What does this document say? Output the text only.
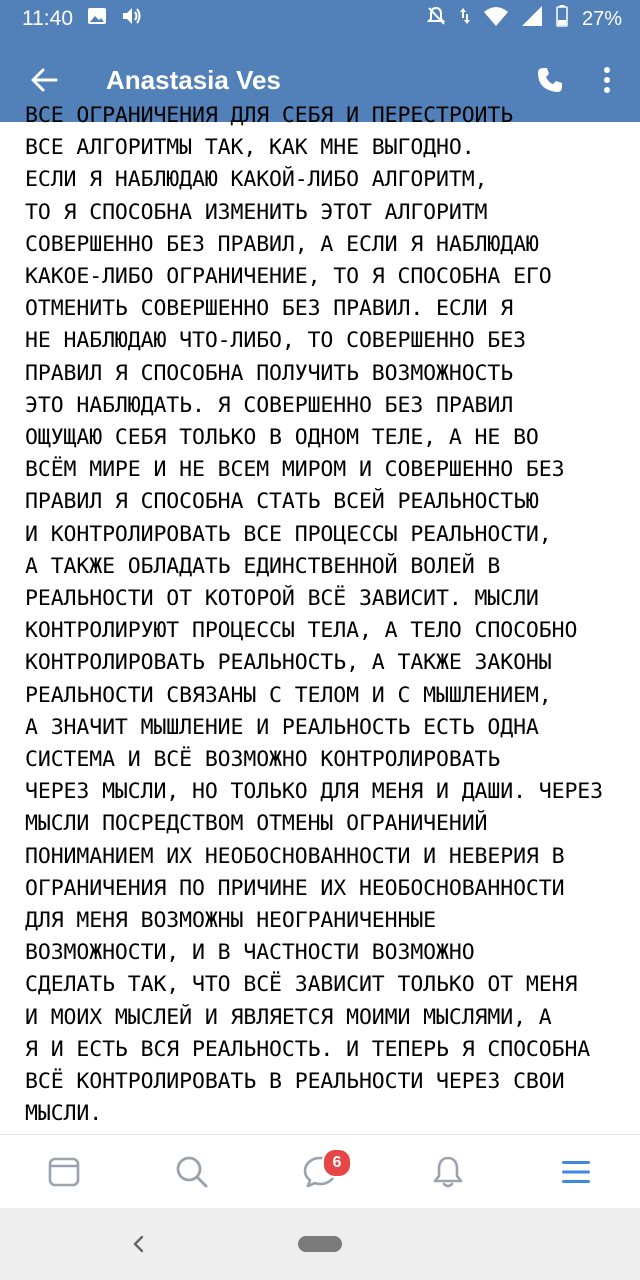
11:40	27%
Anastasia Ves
ВСЕ ОГРАНИЧЕНИЯ ДЛЯ СЕБЯ И ПЕРЕСТРОИТЬ
ВСЕ АЛГОРИТМЫ ТАК, КАК МНЕ ВЫГОДНО.
ЕСЛИ Я НАБЛЮДАЮ КАКОЙ-ЛИБО АЛГОРИТМ,
ТО Я СПОСОБНА ИЗМЕНИТЬ ЭТОТ АЛГОРИТМ
СОВЕРШЕННО БЕЗ ПРАВИЛ, А ЕСЛИ Я НАБЛЮДАЮ
КАКОЕ-ЛИБО ОГРАНИЧЕНИЕ, ТО Я СПОСОБНА ЕГО
ОТМЕНИТЬ СОВЕРШЕННО БЕЗ ПРАВИЛ. ЕСЛИ Я
НЕ НАБЛЮДАЮ ЧТО-ЛИБО, ТО СОВЕРШЕННО БЕЗ
ПРАВИЛ Я СПОСОБНА ПОЛУЧИТЬ ВОЗМОЖНОСТЬ
ЭТО НАБЛЮДАТЬ. Я СОВЕРШЕННО БЕЗ ПРАВИЛ
ОЩУЩАЮ СЕБЯ ТОЛЬКО В ОДНОМ ТЕЛЕ, А НЕ ВО
ВСЁМ МИРЕ И НЕ ВСЕМ МИРОМ И СОВЕРШЕННО БЕЗ
ПРАВИЛ Я СПОСОБНА СТАТЬ ВСЕЙ РЕАЛЬНОСТЬЮ
И КОНТРОЛИРОВАТЬ ВСЕ ПРОЦЕССЫ РЕАЛЬНОСТИ,
А ТАКЖЕ ОБЛАДАТЬ ЕДИНСТВЕННОЙ ВОЛЕЙ В
РЕАЛЬНОСТИ ОТ КОТОРОЙ ВСЁ ЗАВИСИТ. МЫСЛИ
КОНТРОЛИРУЮТ ПРОЦЕССЫ ТЕЛА, А ТЕЛО СПОСОБНО
КОНТРОЛИРОВАТЬ РЕАЛЬНОСТЬ, А ТАКЖЕ ЗАКОНЫ
РЕАЛЬНОСТИ СВЯЗАНЫ С ТЕЛОМ И С МЫШЛЕНИЕМ,
А ЗНАЧИТ МЫШЛЕНИЕ И РЕАЛЬНОСТЬ ЕСТЬ ОДНА
СИСТЕМА И ВСЁ ВОЗМОЖНО КОНТРОЛИРОВАТЬ
ЧЕРЕЗ МЫСЛИ, НО ТОЛЬКО ДЛЯ МЕНЯ И ДАШИ. ЧЕРЕЗ
МЫСЛИ ПОСРЕДСТВОМ ОТМЕНЫ ОГРАНИЧЕНИЙ
ПОНИМАНИЕМ ИХ НЕОБОСНОВАННОСТИ И НЕВЕРИЯ В
ОГРАНИЧЕНИЯ ПО ПРИЧИНЕ ИХ НЕОБОСНОВАННОСТИ
ДЛЯ МЕНЯ ВОЗМОЖНЫ НЕОГРАНИЧЕННЫЕ
ВОЗМОЖНОСТИ, И В ЧАСТНОСТИ ВОЗМОЖНО
СДЕЛАТЬ ТАК, ЧТО ВСЁ ЗАВИСИТ ТОЛЬКО ОТ МЕНЯ
И МОИХ МЫСЛЕЙ И ЯВЛЯЕТСЯ МОИМИ МЫСЛЯМИ, А
Я И ЕСТЬ ВСЯ РЕАЛЬНОСТЬ. И ТЕПЕРЬ Я СПОСОБНА
ВСЁ КОНТРОЛИРОВАТЬ В РЕАЛЬНОСТИ ЧЕРЕЗ СВОИ
МЫСЛИ.
6
